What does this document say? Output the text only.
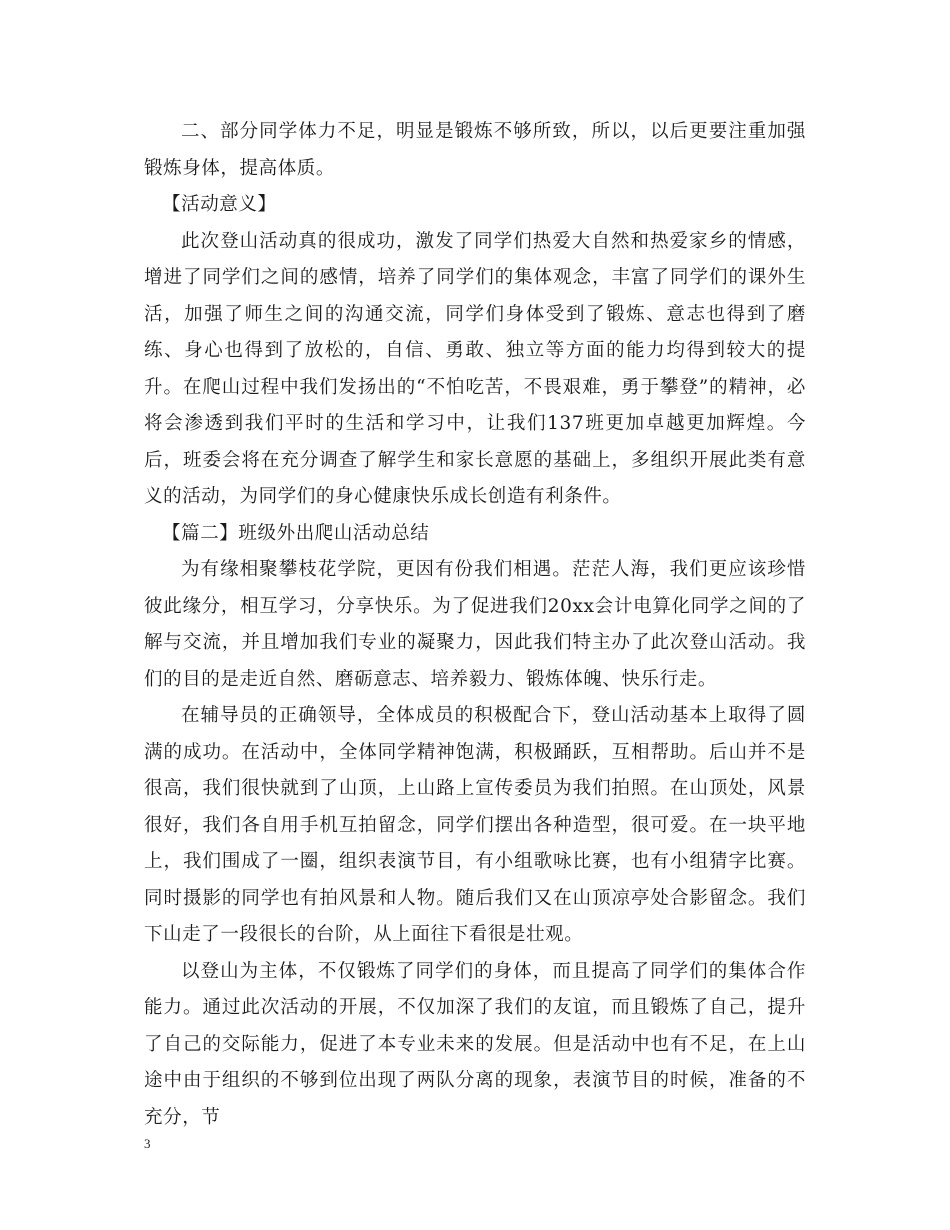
二、部分同学体力不足，明显是锻炼不够所致，所以，以后更要注重加强锻炼身体，提高体质。

【活动意义】

此次登山活动真的很成功，激发了同学们热爱大自然和热爱家乡的情感，增进了同学们之间的感情，培养了同学们的集体观念，丰富了同学们的课外生活，加强了师生之间的沟通交流，同学们身体受到了锻炼、意志也得到了磨练、身心也得到了放松的，自信、勇敢、独立等方面的能力均得到较大的提升。在爬山过程中我们发扬出的“不怕吃苦，不畏艰难，勇于攀登”的精神，必将会渗透到我们平时的生活和学习中，让我们137班更加卓越更加辉煌。今后，班委会将在充分调查了解学生和家长意愿的基础上，多组织开展此类有意义的活动，为同学们的身心健康快乐成长创造有利条件。

【篇二】班级外出爬山活动总结

为有缘相聚攀枝花学院，更因有份我们相遇。茫茫人海，我们更应该珍惜彼此缘分，相互学习，分享快乐。为了促进我们20xx会计电算化同学之间的了解与交流，并且增加我们专业的凝聚力，因此我们特主办了此次登山活动。我们的目的是走近自然、磨砺意志、培养毅力、锻炼体魄、快乐行走。

在辅导员的正确领导，全体成员的积极配合下，登山活动基本上取得了圆 满的成功。在活动中，全体同学精神饱满，积极踊跃，互相帮助。后山并不是很高，我们很快就到了山顶，上山路上宣传委员为我们拍照。在山顶处，风景很好，我们各自用手机互拍留念，同学们摆出各种造型，很可爱。在一块平地上，我们围成了一圈，组织表演节目，有小组歌咏比赛，也有小组猜字比赛。同时摄影的同学也有拍风景和人物。随后我们又在山顶凉亭处合影留念。我们下山走了一段很长的台阶，从上面往下看很是壮观。

以登山为主体，不仅锻炼了同学们的身体，而且提高了同学们的集体合作能力。通过此次活动的开展，不仅加深了我们的友谊，而且锻炼了自己，提升了自己的交际能力，促进了本专业未来的发展。但是活动中也有不足，在上山途中由于组织的不够到位出现了两队分离的现象，表演节目的时候，准备的不充分，节

3
